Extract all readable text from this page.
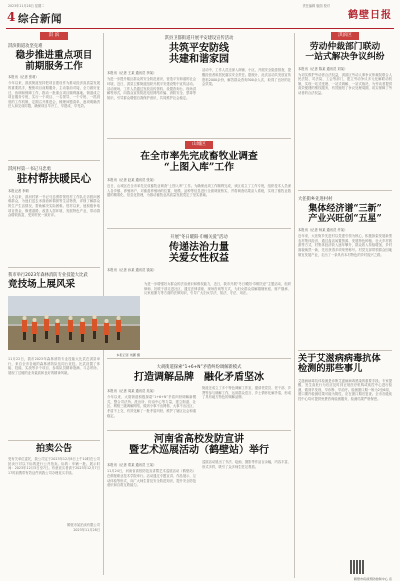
2023年11月28日 星期二	责任编辑 版面 校对
4 综合新闻	鹤壁日报
淇 滨
淇滨街道攻坚克难
稳步推进重点项目
前期服务工作
本报讯（记者 张莉）
今年以来，淇滨街道坚持把项目建设作为推动经济高质量发展的重要抓手，聚焦项目前期服务，主动靠前对接，全力做好征迁、协调和保障工作，推动一批重点项目顺利落地。街道成立项目服务专班，实行一个项目、一名领导、一个专班、一抓到底的工作机制，定期召开推进会，梳理问题清单，逐项明确责任人和完成时限，确保项目早开工、早建成、早见效。
淇河村第一书记马忠勇
驻村帮扶暖民心
本报记者 李莉
入冬以来，淇河村第一书记马忠勇带领驻村工作队走访慰问困难群众，为他们送去米面油和棉被等生活物资，详细了解群众的生产生活情况，帮助解决实际困难。驻村以来，他积极争取项目资金，修建道路，改善人居环境，发展特色产业，带动群众增收致富，受到村民一致好评。
我市举行2023年森林消防专业技能大比武
竞技场上展风采
本报记者 刘鹏 摄
11月22日，我市2023年森林消防专业技能大比武在淇县举行，来自全市各地的森林消防队伍同台竞技。比武设置了体能、技能、实战等多个项目，参赛队员精神饱满、斗志昂扬，展现了过硬的业务素质和良好的精神风貌。
拍卖公告
受有关单位委托，我公司定于2023年12月8日上午10时在公司拍卖厅对以下标的进行公开拍卖。标的：车辆一批。展示时间：2023年12月5日至7日。有意竞买者请于2023年12月7日17时前携带有效证件到我公司办理竞买手续。
鹤壁市某拍卖有限公司
2023年11月28日
淇县卫都街道开展平安建设宣传活动
共筑平安防线
共建和谐家园
本报讯（记者 王某 通讯员 李某）
为进一步提升辖区群众的安全防范意识，营造平安和谐的社会环境，近日，淇县卫都街道组织开展平安建设集中宣传活动。活动现场，工作人员通过发放宣传资料、设置咨询台、现场讲解等形式，向群众宣传防范电信网络诈骗、消防安全、禁毒等知识，引导群众增强自我保护意识，共同维护社会稳定。
活动中，工作人员还深入商铺、小区，开展安全隐患排查，提醒经营者和居民落实安全责任。据统计，此次活动共发放宣传资料2000余份，解答群众咨询300余人次，取得了良好的社会效果。
山城区
在全市率先完成畜牧业调查
“上图入库”工作
本报讯（记者 赵某 通讯员 张某）
近日，山城区在全市率先完成畜牧业调查“上图入库”工作。为确保此项工作顺利完成，该区成立了工作专班，组织技术人员深入各乡镇、养殖场户，对畜禽养殖场的位置、规模、品种等信息进行全面调查核实，并将调查结果录入系统，实现了畜牧业数据的精准化、信息化管理，为推动畜牧业高质量发展奠定了坚实基础。
开展“冬日暖阳·巾帼关爱”活动
传递法治力量
关爱女性权益
本报讯（记者 孙某 通讯员 钱某）
为进一步增强妇女群众的法治意识和维权能力，近日，我市开展“冬日暖阳·巾帼关爱”主题活动，组织律师、妇联干部走进社区，通过法律讲座、现场咨询等方式，为妇女群众讲解婚姻家庭、财产继承、反家庭暴力等方面的法律知识，引导广大妇女学法、知法、守法、用法。
大胡街道探索“1+6+N”矛盾纠纷调解新模式
打造调解品牌　融化矛盾坚冰
本报讯（记者 周某 通讯员 吴某）
今年以来，大胡街道积极探索“1+6+N”矛盾纠纷调解新模式，整合司法所、派出所、综治中心等力量，建立街道、社区、网格三级调解网络，做到小事不出网格、大事不出社区、矛盾不上交，有效化解了一批矛盾纠纷，维护了辖区社会和谐稳定。
街道还成立了多个特色调解工作室，邀请老党员、老干部、乡贤等参与调解工作，运用群众语言、乡土情怀化解矛盾，形成了具有地方特色的调解品牌。
河南省高校发防宣讲
暨艺术巡展活动（鹤壁站）举行
本报讯（记者 郑某 通讯员 王某）
11月24日，河南省高校防范宣讲暨艺术巡展活动（鹤壁站）在鹤壁职业技术学院举行。活动通过专题宣讲、作品展示、互动体验等形式，向广大师生普及安全防范知识，提升安全防范意识和自救互救能力。
巡展活动展出了书法、绘画、摄影等作品百余幅，内容丰富、形式多样，吸引了众多师生驻足观看。
淇滨区
劳动仲裁部门联动
一站式解决争议纠纷
本报讯（记者 陈某 通讯员 刘某）
为切实维护劳动者合法权益，淇滨区劳动人事争议仲裁院联合人民法院、司法局、工会等部门，建立劳动争议多元化解联动机制，实现一站式受理、一站式调解、一站式裁决，为劳动者提供高效便捷的维权服务，有效缩短了争议处理周期，切实保障了劳动者的合法权益。
大伾街乡先进村村
集体经济谱“三新”
产业兴旺创“五星”
本报讯（记者 杨某 通讯员 许某）
近年来，大伾街乡先进村以党建引领为核心，积极探索发展新型农村集体经济，通过盘活闲置资源、发展特色种植、壮大乡村旅游等方式，村集体经济收入逐年攀升，群众收入持续增加，乡村面貌焕然一新，先后获得多项荣誉称号。村党支部带领群众因地制宜发展产业，走出了一条具有本村特色的乡村振兴之路。
关于艾滋病病毒抗体
检测的那些事儿
艾滋病病毒抗体检测是诊断艾滋病病毒感染的重要手段。专家提醒，发生高危行为后应及时到正规医疗机构或疾控中心进行检测，做到早发现、早诊断、早治疗。检测窗口期一般为2至6周，窗口期内检测结果可能为阴性，应在窗口期后复查。全市各级疾控中心均可提供免费咨询检测服务，检测结果严格保密。
鹤壁市疾病预防控制中心 宣
